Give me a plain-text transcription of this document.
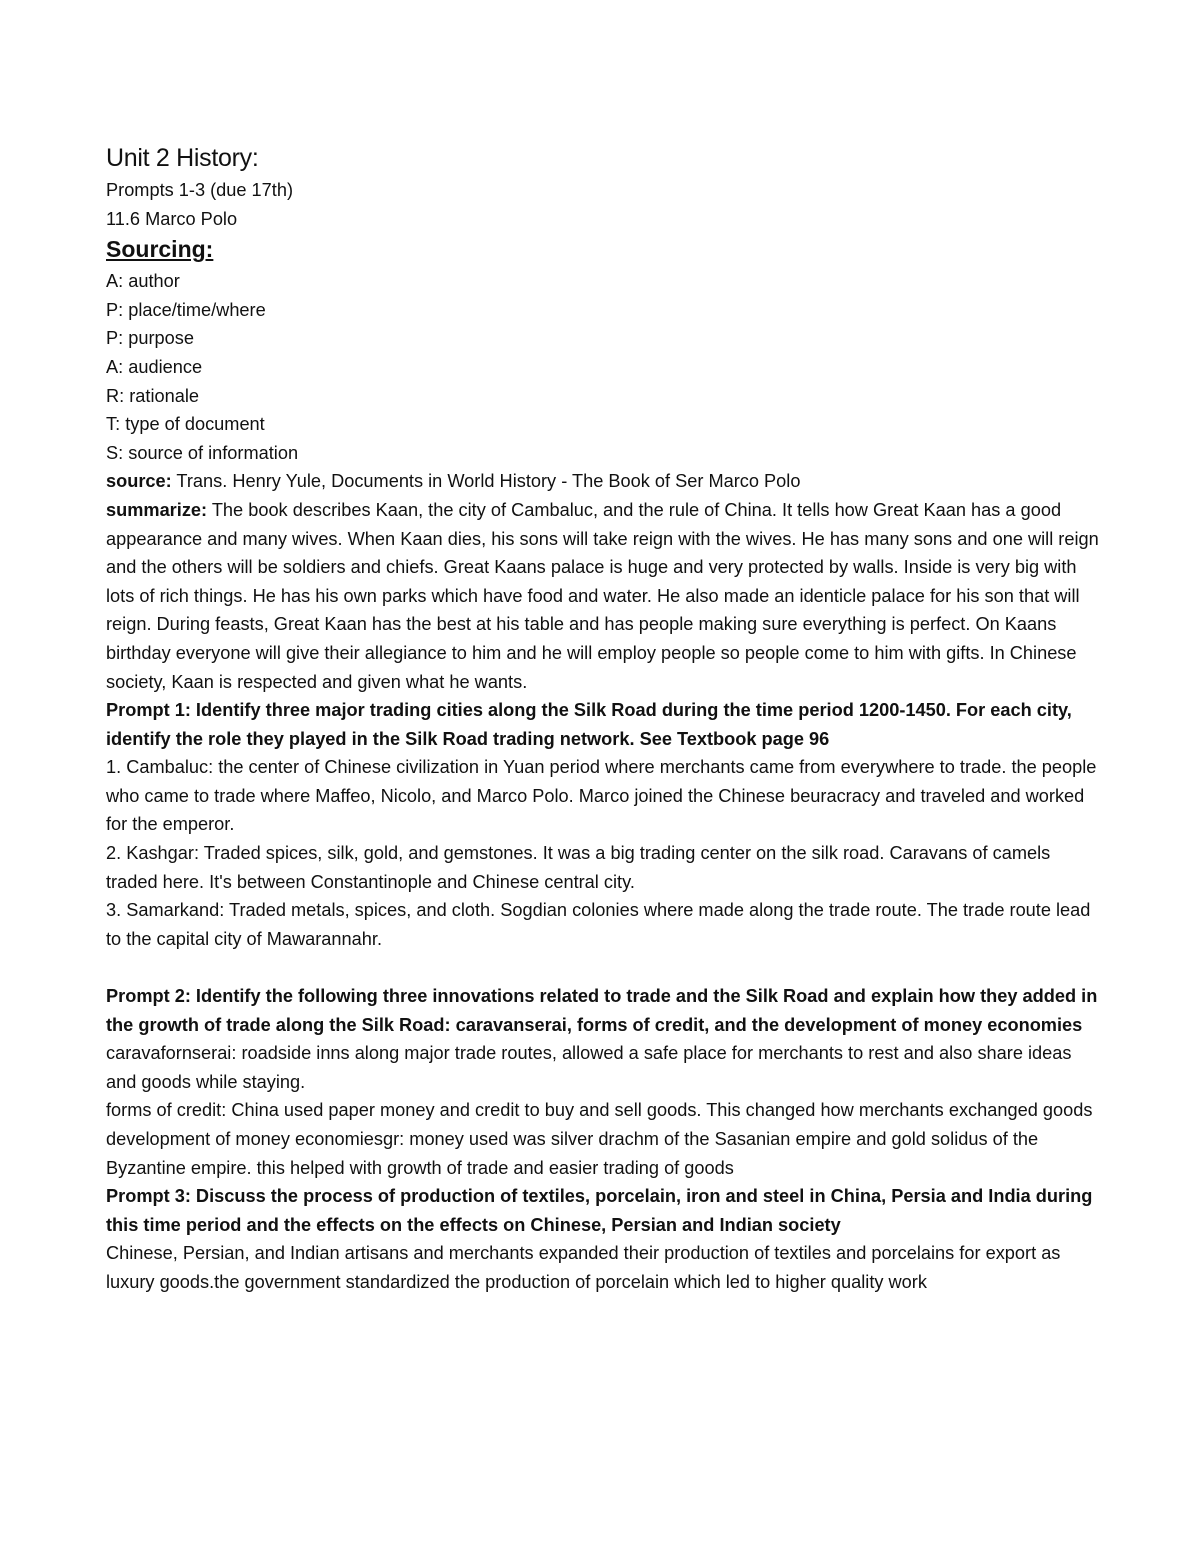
Unit 2 History:

Prompts 1-3 (due 17th)

11.6 Marco Polo

Sourcing:

A: author

P: place/time/where

P: purpose

A: audience

R: rationale

T: type of document

S: source of information

source: Trans. Henry Yule, Documents in World History - The Book of Ser Marco Polo

summarize: The book describes Kaan, the city of Cambaluc, and the rule of China. It tells how Great Kaan has a good appearance and many wives. When Kaan dies, his sons will take reign with the wives. He has many sons and one will reign and the others will be soldiers and chiefs. Great Kaans palace is huge and very protected by walls. Inside is very big with lots of rich things. He has his own parks which have food and water. He also made an identicle palace for his son that will reign. During feasts, Great Kaan has the best at his table and has people making sure everything is perfect. On Kaans birthday everyone will give their allegiance to him and he will employ people so people come to him with gifts. In Chinese society, Kaan is respected and given what he wants.

Prompt 1: Identify three major trading cities along the Silk Road during the time period 1200-1450. For each city, identify the role they played in the Silk Road trading network. See Textbook page 96

1. Cambaluc: the center of Chinese civilization in Yuan period where merchants came from everywhere to trade. the people who came to trade where Maffeo, Nicolo, and Marco Polo. Marco joined the Chinese beuracracy and traveled and worked for the emperor.

2. Kashgar: Traded spices, silk, gold, and gemstones. It was a big trading center on the silk road. Caravans of camels traded here. It's between Constantinople and Chinese central city.

3. Samarkand: Traded metals, spices, and cloth. Sogdian colonies where made along the trade route. The trade route lead to the capital city of Mawarannahr.

Prompt 2: Identify the following three innovations related to trade and the Silk Road and explain how they added in the growth of trade along the Silk Road: caravanserai, forms of credit, and the development of money economies

caravafornserai: roadside inns along major trade routes, allowed a safe place for merchants to rest and also share ideas and goods while staying.

forms of credit: China used paper money and credit to buy and sell goods. This changed how merchants exchanged goods

development of money economiesgr: money used was silver drachm of the Sasanian empire and gold solidus of the Byzantine empire. this helped with growth of trade and easier trading of goods

Prompt 3: Discuss the process of production of textiles, porcelain, iron and steel in China, Persia and India during this time period and the effects on the effects on Chinese, Persian and Indian society

Chinese, Persian, and Indian artisans and merchants expanded their production of textiles and porcelains for export as luxury goods.the government standardized the production of porcelain which led to higher quality work
